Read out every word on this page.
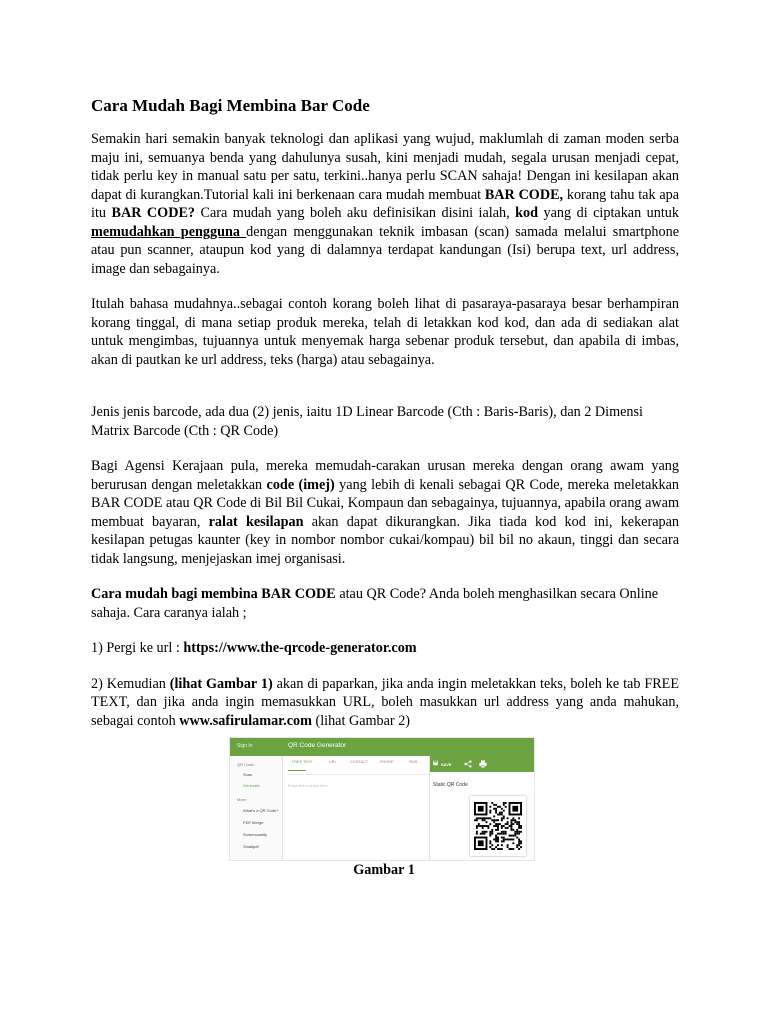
Cara Mudah Bagi Membina Bar Code

Semakin hari semakin banyak teknologi dan aplikasi yang wujud, maklumlah di zaman moden serba maju ini, semuanya benda yang dahulunya susah, kini menjadi mudah, segala urusan menjadi cepat, tidak perlu key in manual satu per satu, terkini..hanya perlu SCAN sahaja! Dengan ini kesilapan akan dapat di kurangkan.Tutorial kali ini berkenaan cara mudah membuat BAR CODE, korang tahu tak apa itu BAR CODE? Cara mudah yang boleh aku definisikan disini ialah, kod yang di ciptakan untuk memudahkan pengguna dengan menggunakan teknik imbasan (scan) samada melalui smartphone atau pun scanner, ataupun kod yang di dalamnya terdapat kandungan (Isi) berupa text, url address, image dan sebagainya.

Itulah bahasa mudahnya..sebagai contoh korang boleh lihat di pasaraya-pasaraya besar berhampiran korang tinggal, di mana setiap produk mereka, telah di letakkan kod kod, dan ada di sediakan alat untuk mengimbas, tujuannya untuk menyemak harga sebenar produk tersebut, dan apabila di imbas, akan di pautkan ke url address, teks (harga) atau sebagainya.

Jenis jenis barcode, ada dua (2) jenis, iaitu 1D Linear Barcode (Cth : Baris-Baris), dan 2 Dimensi Matrix Barcode (Cth : QR Code)

Bagi Agensi Kerajaan pula, mereka memudah-carakan urusan mereka dengan orang awam yang berurusan dengan meletakkan code (imej) yang lebih di kenali sebagai QR Code, mereka meletakkan BAR CODE atau QR Code di Bil Bil Cukai, Kompaun dan sebagainya, tujuannya, apabila orang awam membuat bayaran, ralat kesilapan akan dapat dikurangkan. Jika tiada kod kod ini, kekerapan kesilapan petugas kaunter (key in nombor nombor cukai/kompau) bil bil no akaun, tinggi dan secara tidak langsung, menjejaskan imej organisasi.

Cara mudah bagi membina BAR CODE atau QR Code? Anda boleh menghasilkan secara Online sahaja. Cara caranya ialah ;

1) Pergi ke url : https://www.the-qrcode-generator.com

2) Kemudian (lihat Gambar 1) akan di paparkan, jika anda ingin meletakkan teks, boleh ke tab FREE TEXT, dan jika anda ingin memasukkan URL, boleh masukkan url address yang anda mahukan, sebagai contoh www.safirulamar.com (lihat Gambar 2)

Sign In	QR Code Generator
QR Code
Scan
Generate
More
What's a QR Code?
PDF Merge
Screencastify
Smallpdf
FREE TEXT	URL	CONTACT	PHONE	SMS
Enter text to share here
SAVE
Static QR Code
Gambar 1
